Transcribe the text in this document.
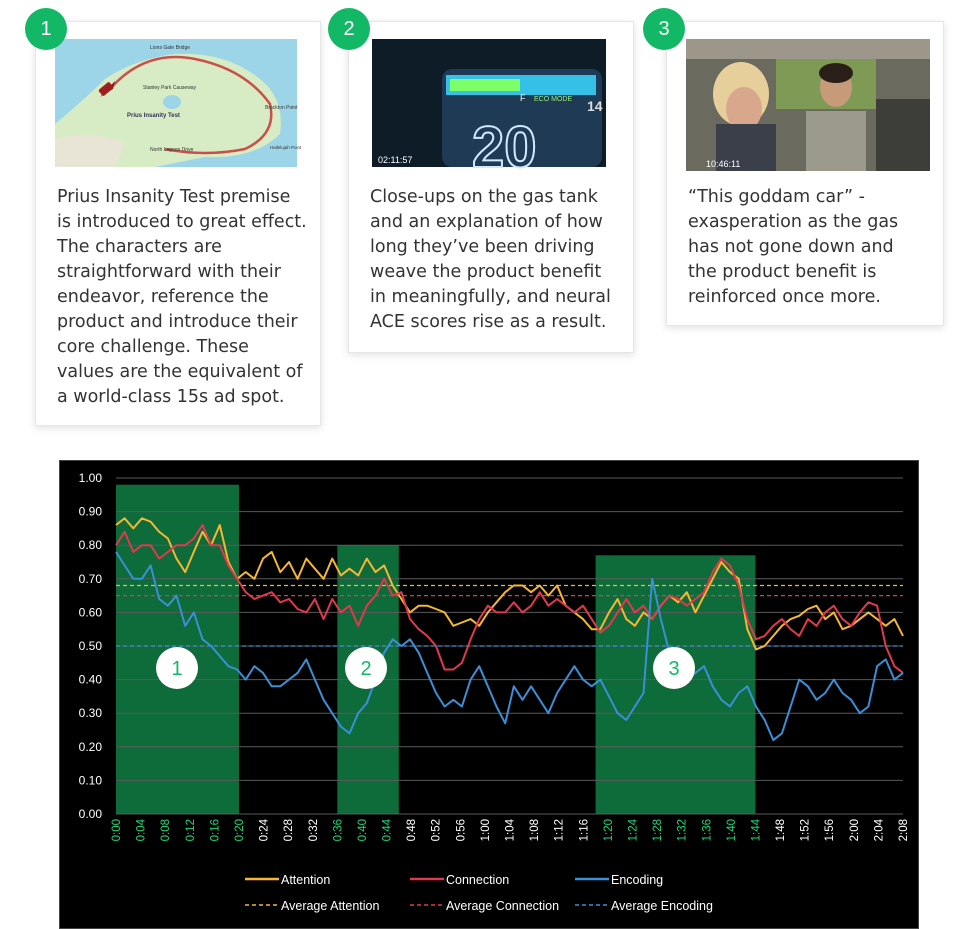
Lions Gate Bridge
Stanley Park Causeway
Prius Insanity Test
North Lagoon Drive
Brockton Point
Hallelujah Point
Prius Insanity Test premise is introduced to great effect. The characters are straightforward with their endeavor, reference the product and introduce their core challenge. These values are the equivalent of a world-class 15s ad spot.
1
F ECO MODE 14
20
02:11:57
Close-ups on the gas tank and an explanation of how long they’ve been driving weave the product benefit in meaningfully, and neural ACE scores rise as a result.
2
10:46:11
“This goddam car” - exasperation as the gas has not gone down and the product benefit is reinforced once more.
3
0.00
0.10
0.20
0.30
0.40
0.50
0.60
0.70
0.80
0.90
1.00
0:00 0:04 0:08 0:12 0:16 0:20 0:24 0:28 0:32 0:36 0:40 0:44 0:48 0:52 0:56 1:00 1:04 1:08 1:12 1:16 1:20 1:24 1:28 1:32 1:36 1:40 1:44 1:48 1:52 1:56 2:00 2:04 2:08
1	2	3
Attention	Connection	Encoding
Average Attention	Average Connection	Average Encoding
